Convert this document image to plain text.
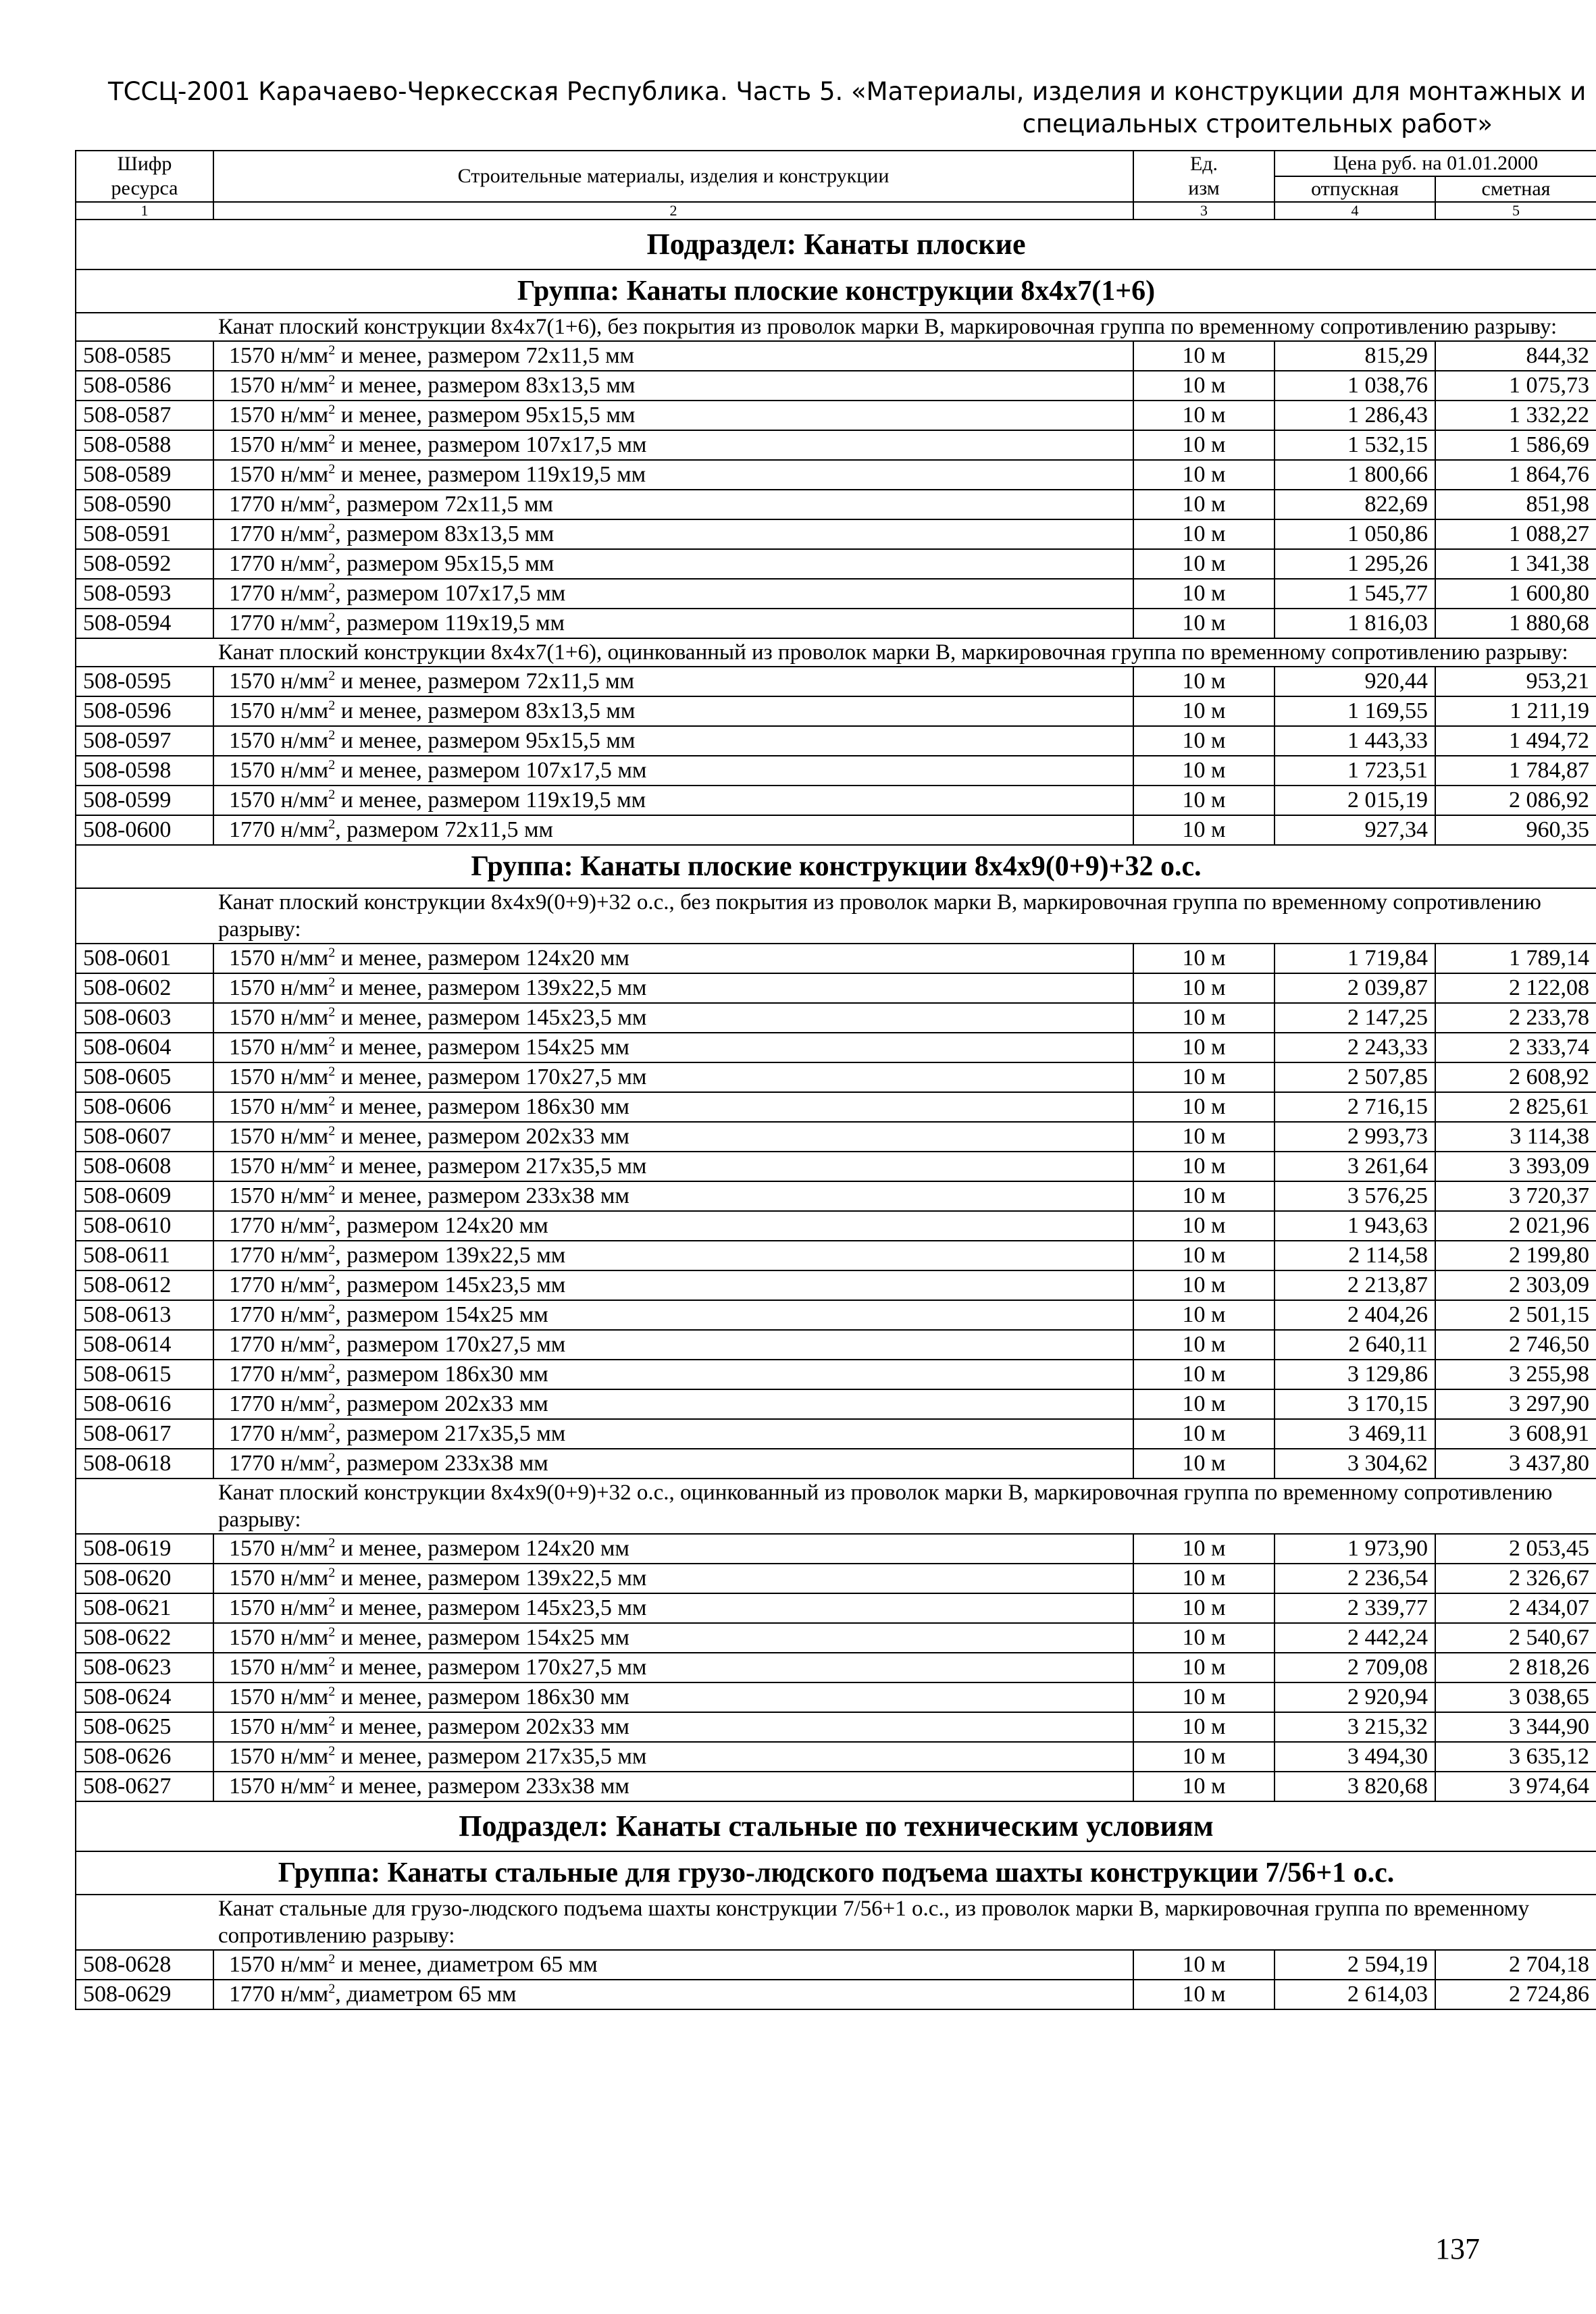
ТССЦ-2001 Карачаево-Черкесская Республика. Часть 5. «Материалы, изделия и конструкции для монтажных и
специальных строительных работ»
Шифр ресурса	Строительные материалы, изделия и конструкции	Ед. изм	Цена руб. на 01.01.2000	
			отпускная	сметная
1	2	3	4	5
Подраздел: Канаты плоские				
Группа: Канаты плоские конструкции 8х4х7(1+6)				
Канат плоский конструкции 8х4х7(1+6), без покрытия из проволок марки В, маркировочная группа по временному сопротивлению разрыву:				
508-0585	1570 $н/мм^2$ и менее, размером 72х11,5 мм	10 м	815,29	844,32
508-0586	1570 $н/мм^2$ и менее, размером 83х13,5 мм	10 м	1 038,76	1 075,73
508-0587	1570 $н/мм^2$ и менее, размером 95х15,5 мм	10 м	1 286,43	1 332,22
508-0588	1570 $н/мм^2$ и менее, размером 107х17,5 мм	10 м	1 532,15	1 586,69
508-0589	1570 $н/мм^2$ и менее, размером 119х19,5 мм	10 м	1 800,66	1 864,76
508-0590	1770 $н/мм^2$, размером 72х11,5 мм	10 м	822,69	851,98
508-0591	1770 $н/мм^2$, размером 83х13,5 мм	10 м	1 050,86	1 088,27
508-0592	1770 $н/мм^2$, размером 95х15,5 мм	10 м	1 295,26	1 341,38
508-0593	1770 $н/мм^2$, размером 107х17,5 мм	10 м	1 545,77	1 600,80
508-0594	1770 $н/мм^2$, размером 119х19,5 мм	10 м	1 816,03	1 880,68
Канат плоский конструкции 8х4х7(1+6), оцинкованный из проволок марки В, маркировочная группа по временному сопротивлению разрыву:				
508-0595	1570 $н/мм^2$ и менее, размером 72х11,5 мм	10 м	920,44	953,21
508-0596	1570 $н/мм^2$ и менее, размером 83х13,5 мм	10 м	1 169,55	1 211,19
508-0597	1570 $н/мм^2$ и менее, размером 95х15,5 мм	10 м	1 443,33	1 494,72
508-0598	1570 $н/мм^2$ и менее, размером 107х17,5 мм	10 м	1 723,51	1 784,87
508-0599	1570 $н/мм^2$ и менее, размером 119х19,5 мм	10 м	2 015,19	2 086,92
508-0600	1770 $н/мм^2$, размером 72х11,5 мм	10 м	927,34	960,35
Группа: Канаты плоские конструкции 8х4х9(0+9)+32 о.с.				
Канат плоский конструкции 8х4х9(0+9)+32 о.с., без покрытия из проволок марки В, маркировочная группа по временному сопротивлению разрыву:				
508-0601	1570 $н/мм^2$ и менее, размером 124х20 мм	10 м	1 719,84	1 789,14
508-0602	1570 $н/мм^2$ и менее, размером 139х22,5 мм	10 м	2 039,87	2 122,08
508-0603	1570 $н/мм^2$ и менее, размером 145х23,5 мм	10 м	2 147,25	2 233,78
508-0604	1570 $н/мм^2$ и менее, размером 154х25 мм	10 м	2 243,33	2 333,74
508-0605	1570 $н/мм^2$ и менее, размером 170х27,5 мм	10 м	2 507,85	2 608,92
508-0606	1570 $н/мм^2$ и менее, размером 186х30 мм	10 м	2 716,15	2 825,61
508-0607	1570 $н/мм^2$ и менее, размером 202х33 мм	10 м	2 993,73	3 114,38
508-0608	1570 $н/мм^2$ и менее, размером 217х35,5 мм	10 м	3 261,64	3 393,09
508-0609	1570 $н/мм^2$ и менее, размером 233х38 мм	10 м	3 576,25	3 720,37
508-0610	1770 $н/мм^2$, размером 124х20 мм	10 м	1 943,63	2 021,96
508-0611	1770 $н/мм^2$, размером 139х22,5 мм	10 м	2 114,58	2 199,80
508-0612	1770 $н/мм^2$, размером 145х23,5 мм	10 м	2 213,87	2 303,09
508-0613	1770 $н/мм^2$, размером 154х25 мм	10 м	2 404,26	2 501,15
508-0614	1770 $н/мм^2$, размером 170х27,5 мм	10 м	2 640,11	2 746,50
508-0615	1770 $н/мм^2$, размером 186х30 мм	10 м	3 129,86	3 255,98
508-0616	1770 $н/мм^2$, размером 202х33 мм	10 м	3 170,15	3 297,90
508-0617	1770 $н/мм^2$, размером 217х35,5 мм	10 м	3 469,11	3 608,91
508-0618	1770 $н/мм^2$, размером 233х38 мм	10 м	3 304,62	3 437,80
Канат плоский конструкции 8х4х9(0+9)+32 о.с., оцинкованный из проволок марки В, маркировочная группа по временному сопротивлению разрыву:				
508-0619	1570 $н/мм^2$ и менее, размером 124х20 мм	10 м	1 973,90	2 053,45
508-0620	1570 $н/мм^2$ и менее, размером 139х22,5 мм	10 м	2 236,54	2 326,67
508-0621	1570 $н/мм^2$ и менее, размером 145х23,5 мм	10 м	2 339,77	2 434,07
508-0622	1570 $н/мм^2$ и менее, размером 154х25 мм	10 м	2 442,24	2 540,67
508-0623	1570 $н/мм^2$ и менее, размером 170х27,5 мм	10 м	2 709,08	2 818,26
508-0624	1570 $н/мм^2$ и менее, размером 186х30 мм	10 м	2 920,94	3 038,65
508-0625	1570 $н/мм^2$ и менее, размером 202х33 мм	10 м	3 215,32	3 344,90
508-0626	1570 $н/мм^2$ и менее, размером 217х35,5 мм	10 м	3 494,30	3 635,12
508-0627	1570 $н/мм^2$ и менее, размером 233х38 мм	10 м	3 820,68	3 974,64
Подраздел: Канаты стальные по техническим условиям				
Группа: Канаты стальные для грузо-людского подъема шахты конструкции 7/56+1 о.с.				
Канат стальные для грузо-людского подъема шахты конструкции 7/56+1 о.с., из проволок марки В, маркировочная группа по временному сопротивлению разрыву:				
508-0628	1570 $н/мм^2$ и менее, диаметром 65 мм	10 м	2 594,19	2 704,18
508-0629	1770 $н/мм^2$, диаметром 65 мм	10 м	2 614,03	2 724,86
137
